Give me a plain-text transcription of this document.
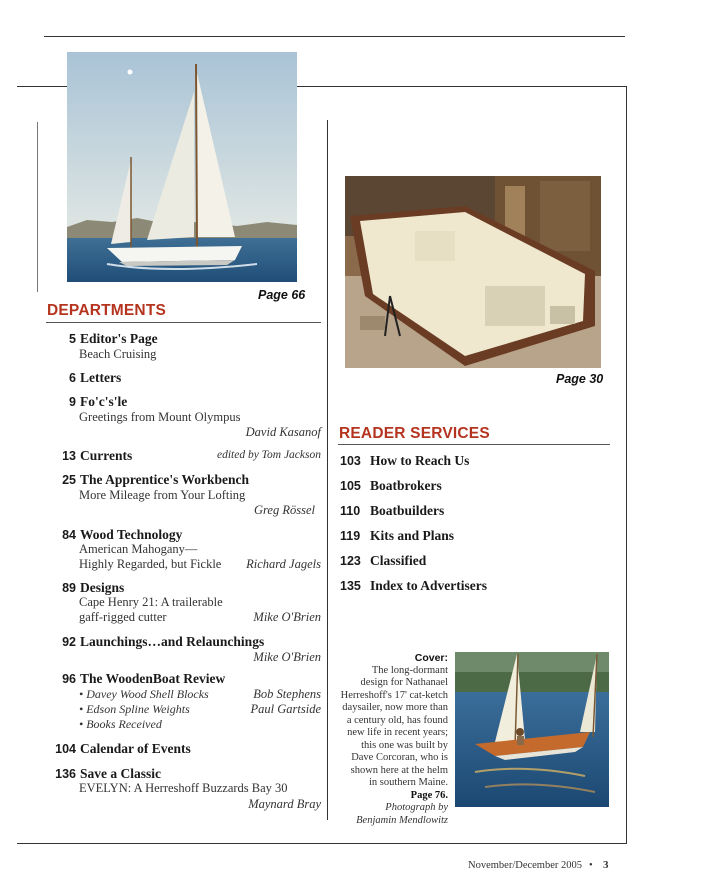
Page 66
Page 30
DEPARTMENTS
5 Editor's Page
Beach Cruising
6 Letters
9 Fo'c's'le
Greetings from Mount Olympus
David Kasanof
13 Currents	edited by Tom Jackson
25 The Apprentice's Workbench
More Mileage from Your Lofting
Greg Rössel
84 Wood Technology
American Mahogany—
Highly Regarded, but Fickle Richard Jagels
89 Designs
Cape Henry 21: A trailerable
gaff-rigged cutter	Mike O'Brien
92 Launchings…and Relaunchings
Mike O'Brien
96 The WoodenBoat Review
• Davey Wood Shell Blocks	Bob Stephens
• Edson Spline Weights	Paul Gartside
• Books Received
104 Calendar of Events
136 Save a Classic
EVELYN: A Herreshoff Buzzards Bay 30
Maynard Bray
READER SERVICES
103 How to Reach Us
105 Boatbrokers
110 Boatbuilders
119 Kits and Plans
123 Classified
135 Index to Advertisers
Cover:
The long-dormant
design for Nathanael
Herreshoff's 17' cat-ketch
daysailer, now more than
a century old, has found
new life in recent years;
this one was built by
Dave Corcoran, who is
shown here at the helm
in southern Maine.
Page 76.
Photograph by
Benjamin Mendlowitz
November/December 2005 • 3
